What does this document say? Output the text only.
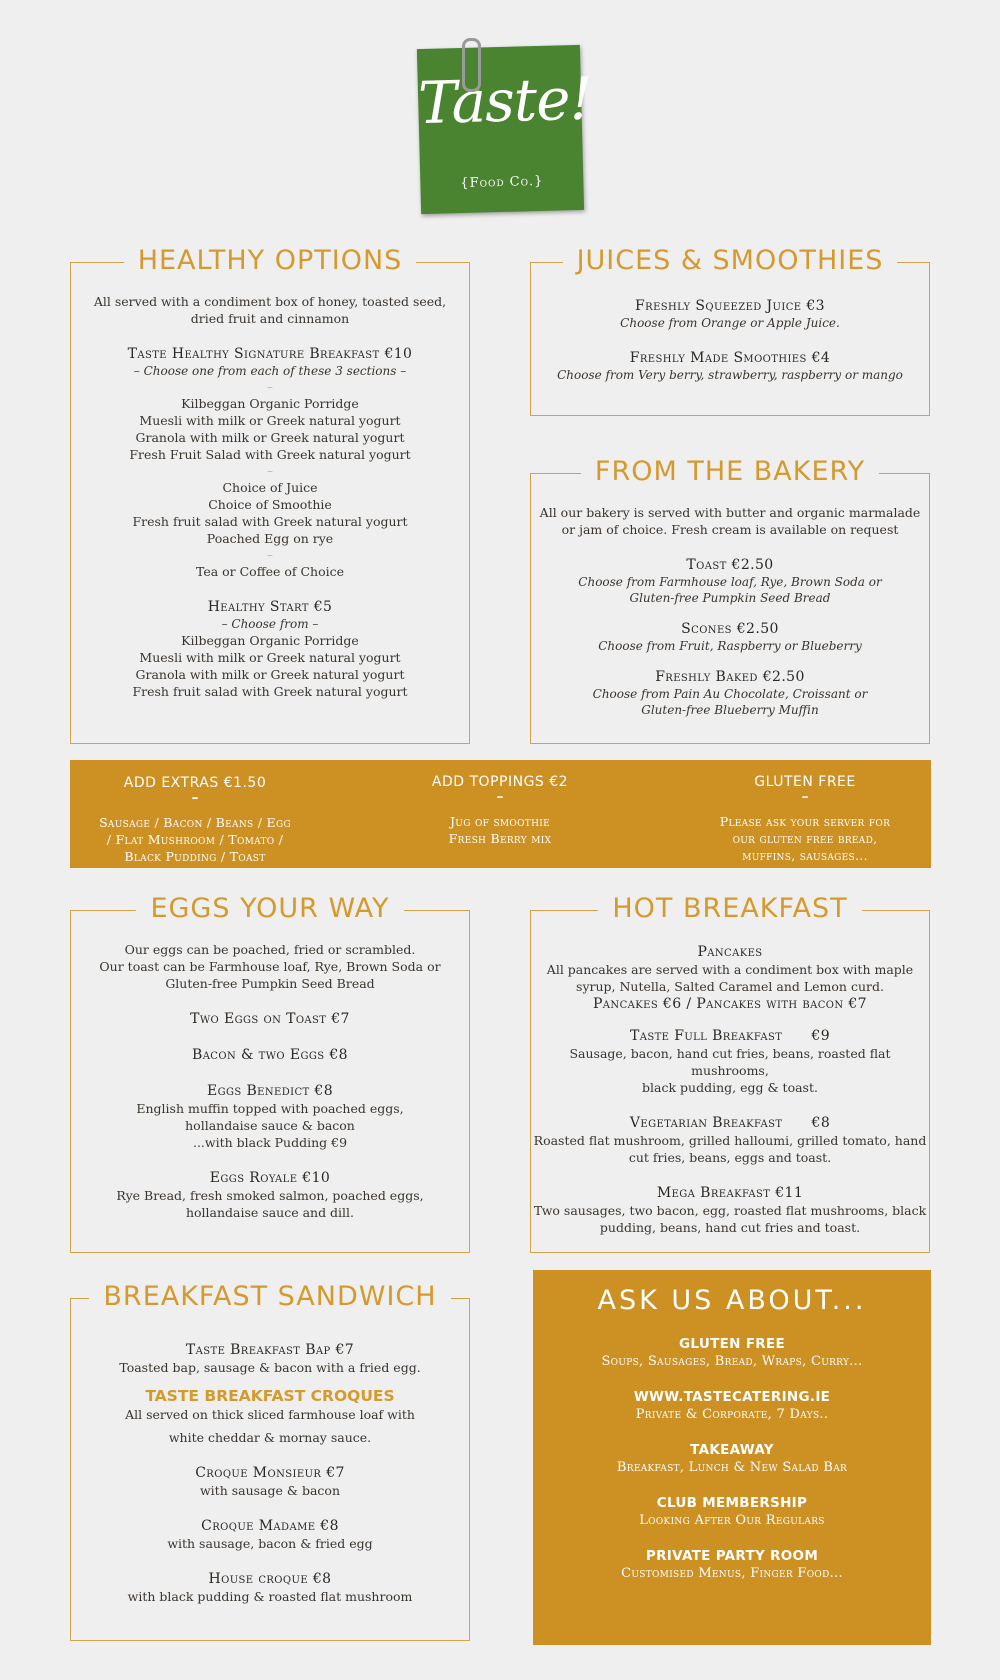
Taste!
{Food Co.}
HEALTHY OPTIONS
All served with a condiment box of honey, toasted seed,
dried fruit and cinnamon
Taste Healthy Signature Breakfast €10
– Choose one from each of these 3 sections –
–
Kilbeggan Organic Porridge
Muesli with milk or Greek natural yogurt
Granola with milk or Greek natural yogurt
Fresh Fruit Salad with Greek natural yogurt
–
Choice of Juice
Choice of Smoothie
Fresh fruit salad with Greek natural yogurt
Poached Egg on rye
–
Tea or Coffee of Choice
Healthy Start €5
– Choose from –
Kilbeggan Organic Porridge
Muesli with milk or Greek natural yogurt
Granola with milk or Greek natural yogurt
Fresh fruit salad with Greek natural yogurt
JUICES & SMOOTHIES
Freshly Squeezed Juice €3
Choose from Orange or Apple Juice.
Freshly Made Smoothies €4
Choose from Very berry, strawberry, raspberry or mango
FROM THE BAKERY
All our bakery is served with butter and organic marmalade
or jam of choice. Fresh cream is available on request
Toast €2.50
Choose from Farmhouse loaf, Rye, Brown Soda or
Gluten-free Pumpkin Seed Bread
Scones €2.50
Choose from Fruit, Raspberry or Blueberry
Freshly Baked €2.50
Choose from Pain Au Chocolate, Croissant or
Gluten-free Blueberry Muffin
ADD EXTRAS €1.50
–
Sausage / Bacon / Beans / Egg
/ Flat Mushroom / Tomato /
Black Pudding / Toast
ADD TOPPINGS €2
–
Jug of smoothie
Fresh Berry mix
GLUTEN FREE
–
Please ask your server for
our gluten free bread,
muffins, sausages...
EGGS YOUR WAY
Our eggs can be poached, fried or scrambled.
Our toast can be Farmhouse loaf, Rye, Brown Soda or
Gluten-free Pumpkin Seed Bread
Two Eggs on Toast €7
Bacon & two Eggs €8
Eggs Benedict €8
English muffin topped with poached eggs,
hollandaise sauce & bacon
...with black Pudding €9
Eggs Royale €10
Rye Bread, fresh smoked salmon, poached eggs,
hollandaise sauce and dill.
HOT BREAKFAST
Pancakes
All pancakes are served with a condiment box with maple
syrup, Nutella, Salted Caramel and Lemon curd.
Pancakes €6 / Pancakes with bacon €7
Taste Full Breakfast      €9
Sausage, bacon, hand cut fries, beans, roasted flat mushrooms,
black pudding, egg & toast.
Vegetarian Breakfast      €8
Roasted flat mushroom, grilled halloumi, grilled tomato, hand
cut fries, beans, eggs and toast.
Mega Breakfast €11
Two sausages, two bacon, egg, roasted flat mushrooms, black
pudding, beans, hand cut fries and toast.
BREAKFAST SANDWICH
Taste Breakfast Bap €7
Toasted bap, sausage & bacon with a fried egg.
TASTE BREAKFAST CROQUES
All served on thick sliced farmhouse loaf with
white cheddar & mornay sauce.
Croque Monsieur €7
with sausage & bacon
Croque Madame €8
with sausage, bacon & fried egg
House croque €8
with black pudding & roasted flat mushroom
ASK US ABOUT...
GLUTEN FREE
Soups, Sausages, Bread, Wraps, Curry...
WWW.TASTECATERING.IE
Private & Corporate, 7 Days..
TAKEAWAY
Breakfast, Lunch & New Salad Bar
CLUB MEMBERSHIP
Looking After Our Regulars
PRIVATE PARTY ROOM
Customised Menus, Finger Food...
